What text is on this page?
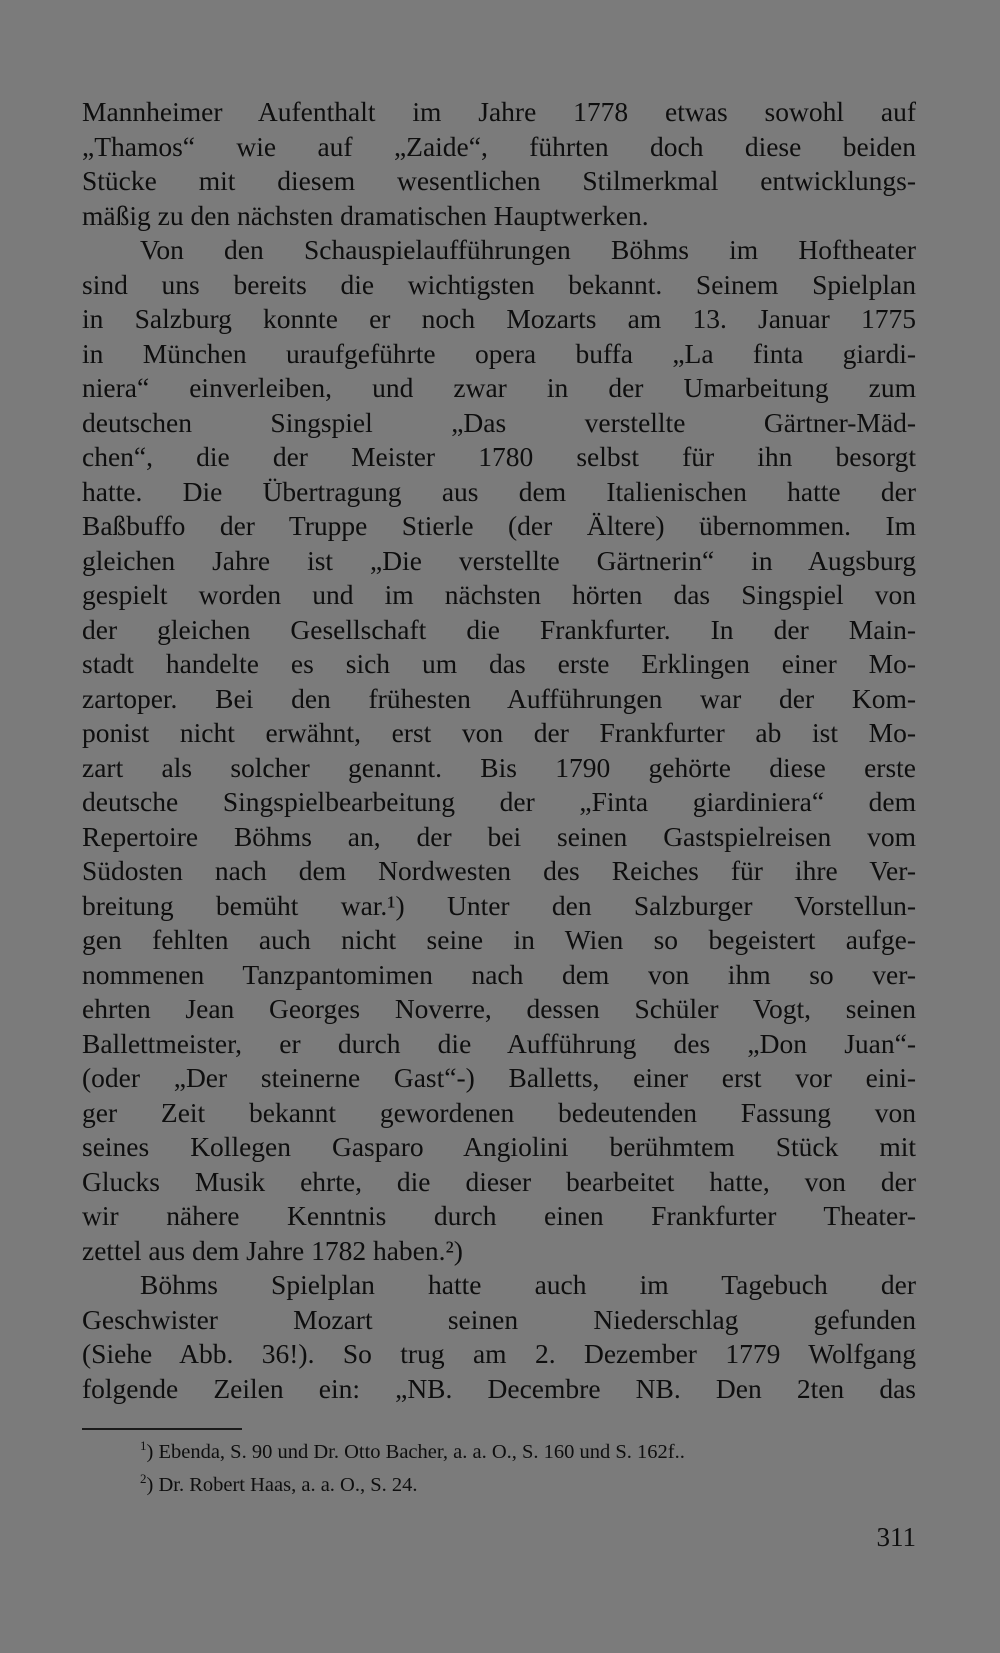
Mannheimer Aufenthalt im Jahre 1778 etwas sowohl auf
„Thamos“ wie auf „Zaide“, führten doch diese beiden
Stücke mit diesem wesentlichen Stilmerkmal entwicklungs-
mäßig zu den nächsten dramatischen Hauptwerken.
Von den Schauspielaufführungen Böhms im Hoftheater
sind uns bereits die wichtigsten bekannt. Seinem Spielplan
in Salzburg konnte er noch Mozarts am 13. Januar 1775
in München uraufgeführte opera buffa „La finta giardi-
niera“ einverleiben, und zwar in der Umarbeitung zum
deutschen Singspiel „Das verstellte Gärtner-Mäd-
chen“, die der Meister 1780 selbst für ihn besorgt
hatte. Die Übertragung aus dem Italienischen hatte der
Baßbuffo der Truppe Stierle (der Ältere) übernommen. Im
gleichen Jahre ist „Die verstellte Gärtnerin“ in Augsburg
gespielt worden und im nächsten hörten das Singspiel von
der gleichen Gesellschaft die Frankfurter. In der Main-
stadt handelte es sich um das erste Erklingen einer Mo-
zartoper. Bei den frühesten Aufführungen war der Kom-
ponist nicht erwähnt, erst von der Frankfurter ab ist Mo-
zart als solcher genannt. Bis 1790 gehörte diese erste
deutsche Singspielbearbeitung der „Finta giardiniera“ dem
Repertoire Böhms an, der bei seinen Gastspielreisen vom
Südosten nach dem Nordwesten des Reiches für ihre Ver-
breitung bemüht war.¹) Unter den Salzburger Vorstellun-
gen fehlten auch nicht seine in Wien so begeistert aufge-
nommenen Tanzpantomimen nach dem von ihm so ver-
ehrten Jean Georges Noverre, dessen Schüler Vogt, seinen
Ballettmeister, er durch die Aufführung des „Don Juan“-
(oder „Der steinerne Gast“-) Balletts, einer erst vor eini-
ger Zeit bekannt gewordenen bedeutenden Fassung von
seines Kollegen Gasparo Angiolini berühmtem Stück mit
Glucks Musik ehrte, die dieser bearbeitet hatte, von der
wir nähere Kenntnis durch einen Frankfurter Theater-
zettel aus dem Jahre 1782 haben.²)
Böhms Spielplan hatte auch im Tagebuch der
Geschwister Mozart seinen Niederschlag gefunden
(Siehe Abb. 36!). So trug am 2. Dezember 1779 Wolfgang
folgende Zeilen ein: „NB. Decembre NB. Den 2ten das
$^1$) Ebenda, S. 90 und Dr. Otto Bacher, a. a. O., S. 160 und S. 162f..
$^2$) Dr. Robert Haas, a. a. O., S. 24.
311
